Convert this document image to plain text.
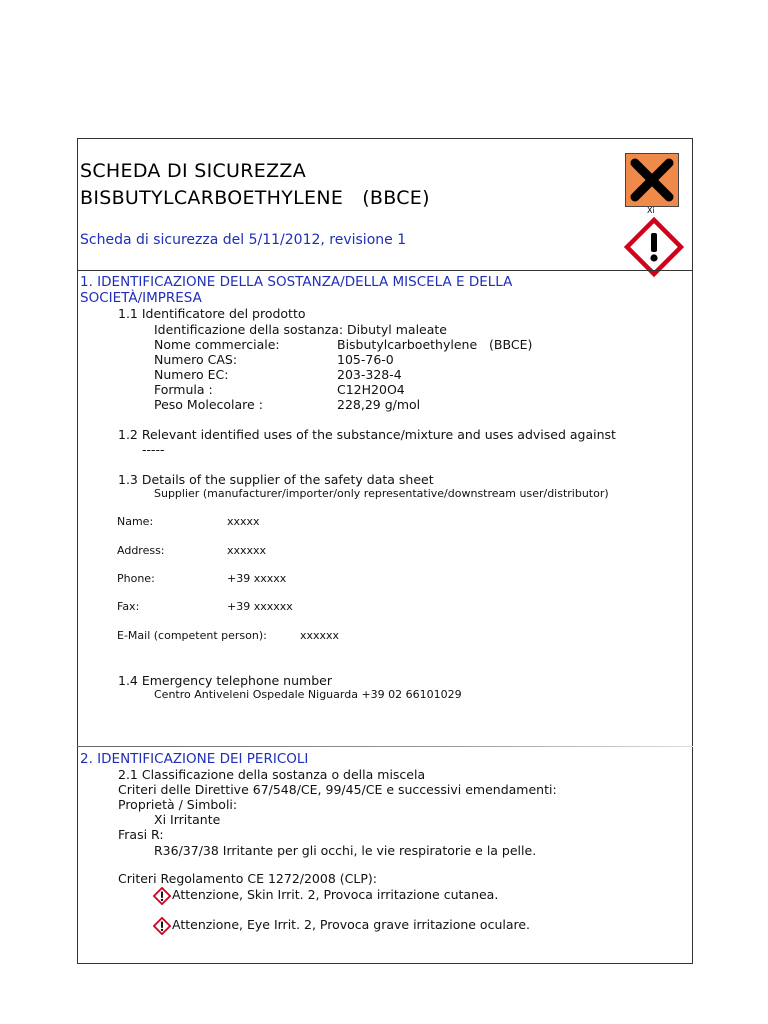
SCHEDA DI SICUREZZA
BISBUTYLCARBOETHYLENE   (BBCE)
Scheda di sicurezza del 5/11/2012, revisione 1
Xi
1. IDENTIFICAZIONE DELLA SOSTANZA/DELLA MISCELA E DELLA
SOCIETÀ/IMPRESA
1.1 Identificatore del prodotto
Identificazione della sostanza: Dibutyl maleate
Nome commerciale:	Bisbutylcarboethylene   (BBCE)
Numero CAS:	105-76-0
Numero EC:	203-328-4
Formula :	C12H20O4
Peso Molecolare :	228,29 g/mol
1.2 Relevant identified uses of the substance/mixture and uses advised against
-----
1.3 Details of the supplier of the safety data sheet
Supplier (manufacturer/importer/only representative/downstream user/distributor)
Name:	xxxxx
Address:	xxxxxx
Phone:	+39 xxxxx
Fax:	+39 xxxxxx
E-Mail (competent person):	xxxxxx
1.4 Emergency telephone number
Centro Antiveleni Ospedale Niguarda +39 02 66101029
2. IDENTIFICAZIONE DEI PERICOLI
2.1 Classificazione della sostanza o della miscela
Criteri delle Direttive 67/548/CE, 99/45/CE e successivi emendamenti:
Proprietà / Simboli:
Xi Irritante
Frasi R:
R36/37/38 Irritante per gli occhi, le vie respiratorie e la pelle.
Criteri Regolamento CE 1272/2008 (CLP):
Attenzione, Skin Irrit. 2, Provoca irritazione cutanea.
Attenzione, Eye Irrit. 2, Provoca grave irritazione oculare.
